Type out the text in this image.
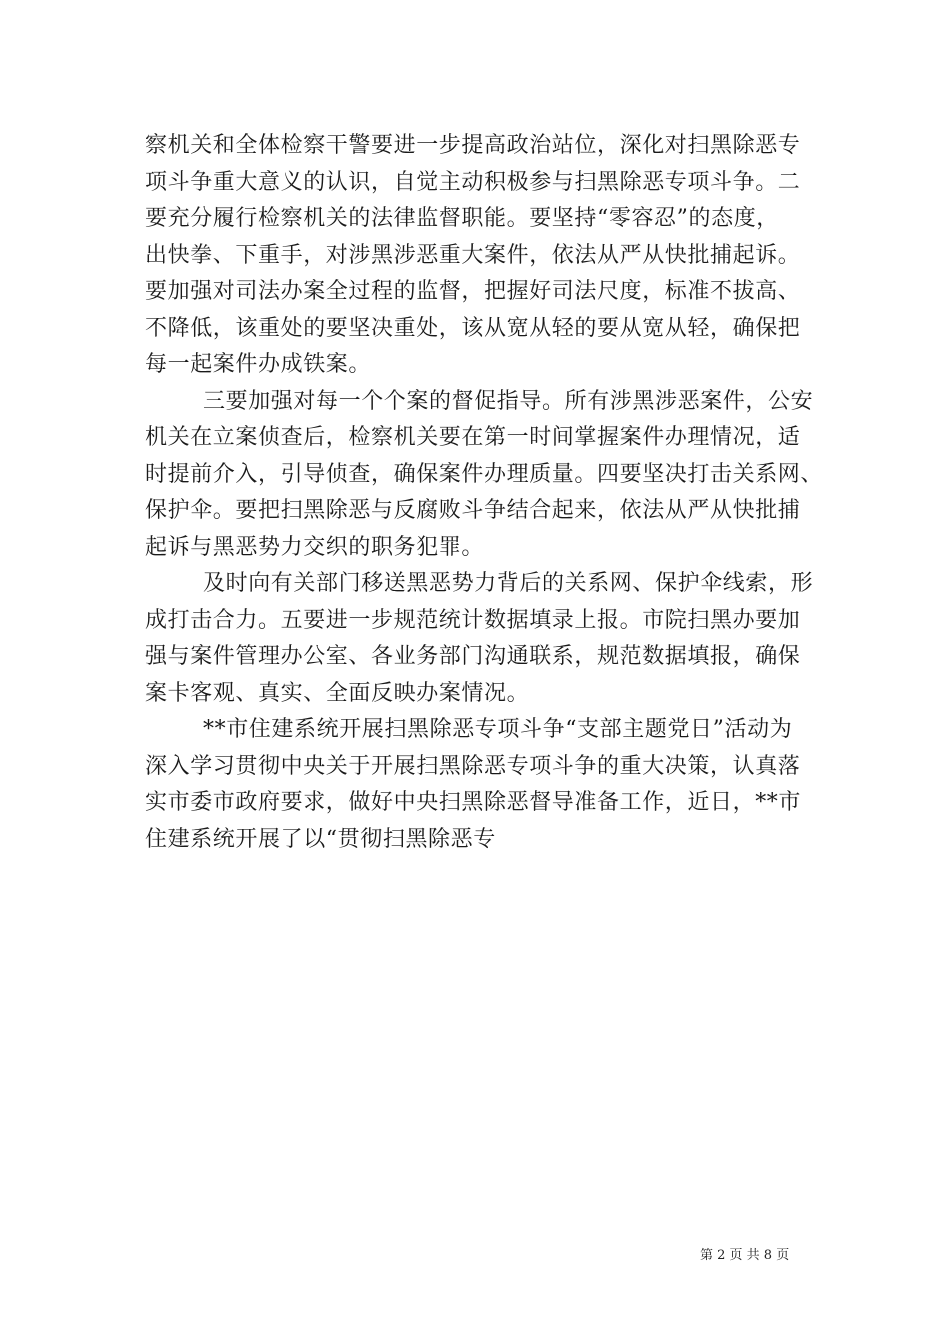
察机关和全体检察干警要进一步提高政治站位，深化对扫黑除恶专
项斗争重大意义的认识，自觉主动积极参与扫黑除恶专项斗争。二
要充分履行检察机关的法律监督职能。要坚持“零容忍”的态度，
出快拳、下重手，对涉黑涉恶重大案件，依法从严从快批捕起诉。
要加强对司法办案全过程的监督，把握好司法尺度，标准不拔高、
不降低，该重处的要坚决重处，该从宽从轻的要从宽从轻，确保把
每一起案件办成铁案。
三要加强对每一个个案的督促指导。所有涉黑涉恶案件，公安
机关在立案侦查后，检察机关要在第一时间掌握案件办理情况，适
时提前介入，引导侦查，确保案件办理质量。四要坚决打击关系网、
保护伞。要把扫黑除恶与反腐败斗争结合起来，依法从严从快批捕
起诉与黑恶势力交织的职务犯罪。
及时向有关部门移送黑恶势力背后的关系网、保护伞线索，形
成打击合力。五要进一步规范统计数据填录上报。市院扫黑办要加
强与案件管理办公室、各业务部门沟通联系，规范数据填报，确保
案卡客观、真实、全面反映办案情况。
**市住建系统开展扫黑除恶专项斗争“支部主题党日”活动为
深入学习贯彻中央关于开展扫黑除恶专项斗争的重大决策，认真落
实市委市政府要求，做好中央扫黑除恶督导准备工作，近日，**市
住建系统开展了以“贯彻扫黑除恶专
第 2 页 共 8 页
